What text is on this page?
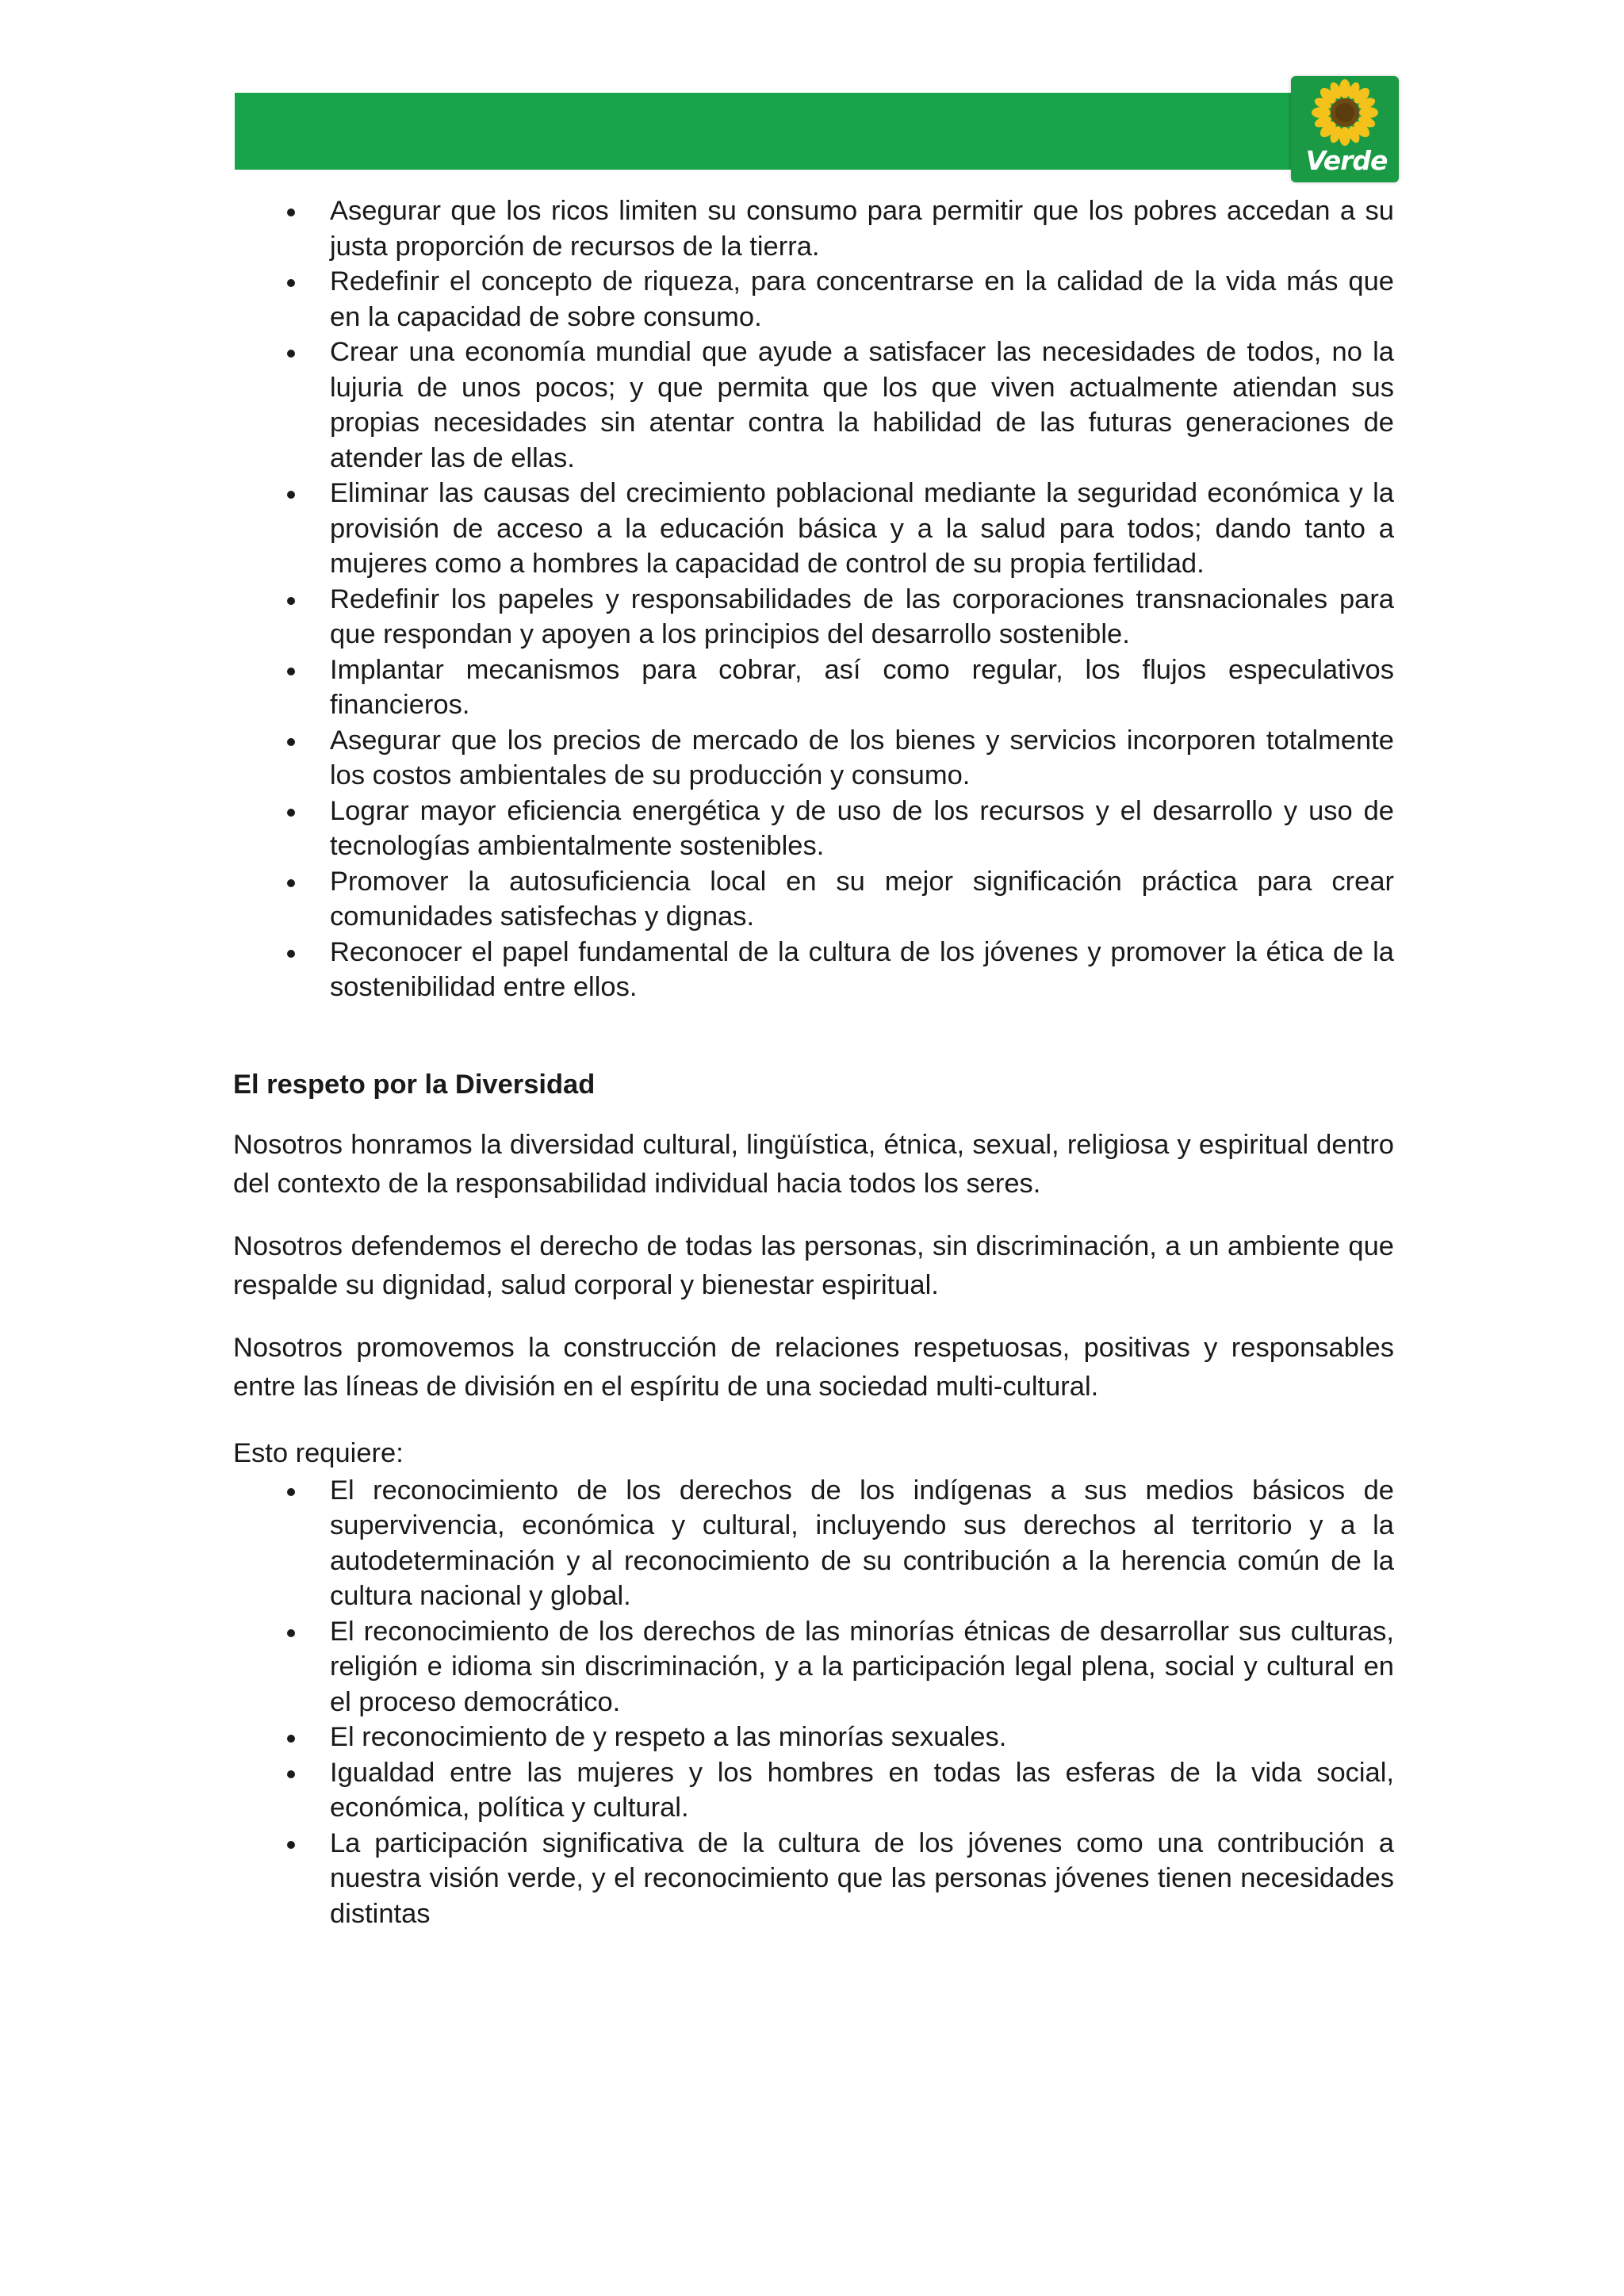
Verde
Asegurar que los ricos limiten su consumo para permitir que los pobres accedan a su justa proporción de recursos de la tierra.
Redefinir el concepto de riqueza, para concentrarse en la calidad de la vida más que en la capacidad de sobre consumo.
Crear una economía mundial que ayude a satisfacer las necesidades de todos, no la lujuria de unos pocos; y que permita que los que viven actualmente atiendan sus propias necesidades sin atentar contra la habilidad de las futuras generaciones de atender las de ellas.
Eliminar las causas del crecimiento poblacional mediante la seguridad económica y la provisión de acceso a la educación básica y a la salud para todos; dando tanto a mujeres como a hombres la capacidad de control de su propia fertilidad.
Redefinir los papeles y responsabilidades de las corporaciones transnacionales para que respondan y apoyen a los principios del desarrollo sostenible.
Implantar mecanismos para cobrar, así como regular, los flujos especulativos financieros.
Asegurar que los precios de mercado de los bienes y servicios incorporen totalmente los costos ambientales de su producción y consumo.
Lograr mayor eficiencia energética y de uso de los recursos y el desarrollo y uso de tecnologías ambientalmente sostenibles.
Promover la autosuficiencia local en su mejor significación práctica para crear comunidades satisfechas y dignas.
Reconocer el papel fundamental de la cultura de los jóvenes y promover la ética de la sostenibilidad entre ellos.
El respeto por la Diversidad

Nosotros honramos la diversidad cultural, lingüística, étnica, sexual, religiosa y espiritual dentro del contexto de la responsabilidad individual hacia todos los seres.

Nosotros defendemos el derecho de todas las personas, sin discriminación, a un ambiente que respalde su dignidad, salud corporal y bienestar espiritual.

Nosotros promovemos la construcción de relaciones respetuosas, positivas y responsables entre las líneas de división en el espíritu de una sociedad multi-cultural.

Esto requiere:

El reconocimiento de los derechos de los indígenas a sus medios básicos de supervivencia, económica y cultural, incluyendo sus derechos al territorio y a la autodeterminación y al reconocimiento de su contribución a la herencia común de la cultura nacional y global.
El reconocimiento de los derechos de las minorías étnicas de desarrollar sus culturas, religión e idioma sin discriminación, y a la participación legal plena, social y cultural en el proceso democrático.
El reconocimiento de y respeto a las minorías sexuales.
Igualdad entre las mujeres y los hombres en todas las esferas de la vida social, económica, política y cultural.
La participación significativa de la cultura de los jóvenes como una contribución a nuestra visión verde, y el reconocimiento que las personas jóvenes tienen necesidades distintas
